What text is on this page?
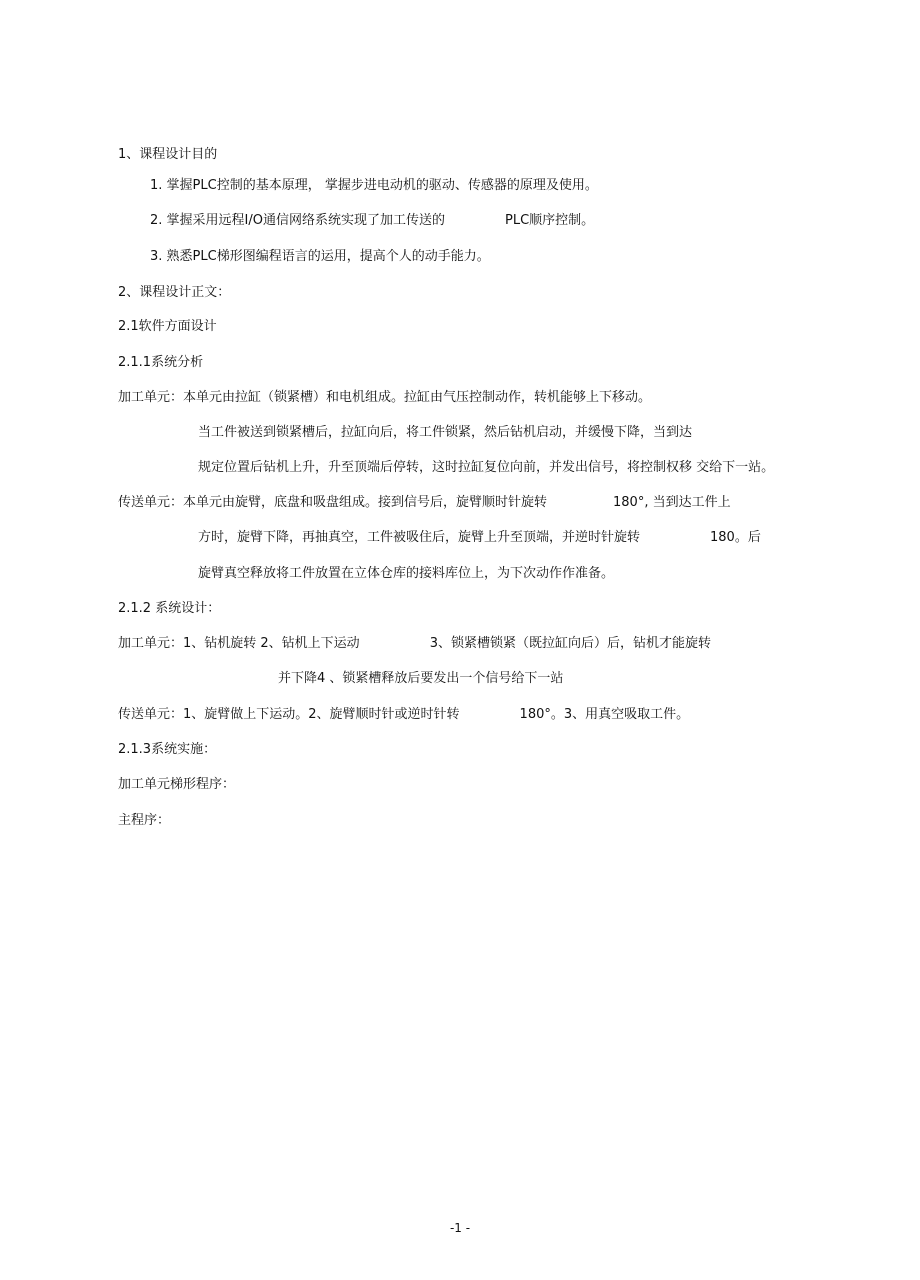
1、课程设计目的
1. 掌握PLC控制的基本原理， 掌握步进电动机的驱动、传感器的原理及使用。
2. 掌握采用远程I/O通信网络系统实现了加工传送的	PLC顺序控制。
3. 熟悉PLC梯形图编程语言的运用，提高个人的动手能力。
2、课程设计正文：
2.1软件方面设计
2.1.1系统分析
加工单元：本单元由拉缸（锁紧槽）和电机组成。拉缸由气压控制动作，转机能够上下移动。
当工件被送到锁紧槽后，拉缸向后，将工件锁紧，然后钻机启动，并缓慢下降，当到达
规定位置后钻机上升，升至顶端后停转，这时拉缸复位向前，并发出信号，将控制权移 交给下一站。
传送单元：本单元由旋臂，底盘和吸盘组成。接到信号后，旋臂顺时针旋转	180°, 当到达工件上
方时，旋臂下降，再抽真空，工件被吸住后，旋臂上升至顶端，并逆时针旋转	180。后
旋臂真空释放将工件放置在立体仓库的接料库位上，为下次动作作准备。
2.1.2 系统设计：
加工单元：1、钻机旋转 2、钻机上下运动	3、锁紧槽锁紧（既拉缸向后）后，钻机才能旋转
并下降4 、锁紧槽释放后要发出一个信号给下一站
传送单元：1、旋臂做上下运动。2、旋臂顺时针或逆时针转	180°。3、用真空吸取工件。
2.1.3系统实施：
加工单元梯形程序：
主程序：
-1 -
